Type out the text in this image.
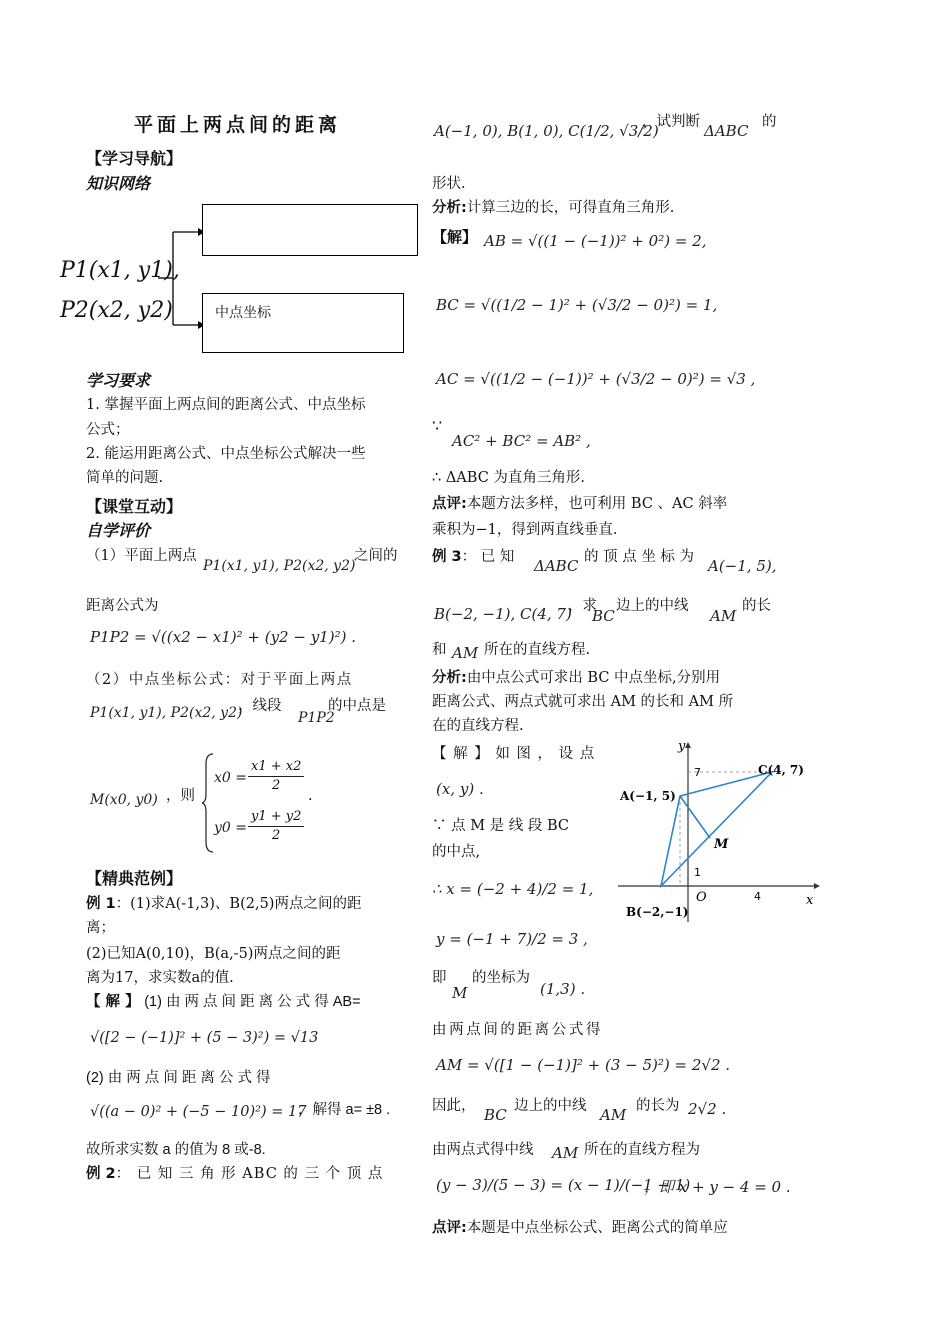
平面上两点间的距离
【学习导航】
知识网络
P1(x1, y1),
P2(x2, y2)	中点坐标
学习要求
1. 掌握平面上两点间的距离公式、中点坐标
公式；
2. 能运用距离公式、中点坐标公式解决一些
简单的问题.
【课堂互动】
自学评价
（1）平面上两点
P1(x1, y1), P2(x2, y2)
之间的
距离公式为
P1P2 = √((x2 − x1)² + (y2 − y1)²) .
（2）中点坐标公式：对于平面上两点
P1(x1, y1), P2(x2, y2)
，线段
P1P2
的中点是
M(x0, y0) ，则
$x0 = \frac{x1 + x2}{2}$
$y0 = \frac{y1 + y2}{2}$
.
【精典范例】
例 1：(1)求A(-1,3)、B(2,5)两点之间的距
离；
(2)已知A(0,10)，B(a,-5)两点之间的距
离为17，求实数a的值.
【 解 】 (1) 由 两 点 间 距 离 公 式 得 AB=
√([2 − (−1)]² + (5 − 3)²) = √13
(2) 由 两 点 间 距 离 公 式 得
√((a − 0)² + (−5 − 10)²) = 17
，解得 a= ±8 .
故所求实数 a 的值为 8 或-8.
例 2： 已 知 三 角 形 ABC 的 三 个 顶 点
A(−1, 0), B(1, 0), C(1/2, √3/2)
，试判断 ΔABC 的
形状.
分析:计算三边的长，可得直角三角形.
【解】 AB = √((1 − (−1))² + 0²) = 2,
BC = √((1/2 − 1)² + (√3/2 − 0)²) = 1,
AC = √((1/2 − (−1))² + (√3/2 − 0)²) = √3 ,
∵
AC² + BC² = AB² ,
∴ ΔABC 为直角三角形.
点评:本题方法多样，也可利用 BC 、AC 斜率
乘积为−1，得到两直线垂直.
例 3： 已 知 ΔABC 的 顶 点 坐 标 为 A(−1, 5),
B(−2, −1), C(4, 7)
，求
BC
边上的中线
AM
的长
和 AM 所在的直线方程.
分析:由中点公式可求出 BC 中点坐标,分别用
距离公式、两点式就可求出 AM 的长和 AM 所
在的直线方程.
【 解 】 如 图 ， 设 点
(x, y) .
∵ 点 M 是 线 段 BC
的中点,
∴ x = (−2 + 4)/2 = 1,
y = (−1 + 7)/2 = 3 ,
即
M
的坐标为
(1,3) .
由 两 点 间 的 距 离 公 式 得
AM = √([1 − (−1)]² + (3 − 5)²) = 2√2 .
因此， BC 边上的中线 AM 的长为 2√2 .
由两点式得中线 AM 所在的直线方程为
(y − 3)/(5 − 3) = (x − 1)/(−1 − 1)
，即 x + y − 4 = 0 .
点评:本题是中点坐标公式、距离公式的简单应
y
x
O	4
7
1
A(−1, 5)
C(4, 7)
B(−2,−1)
M
